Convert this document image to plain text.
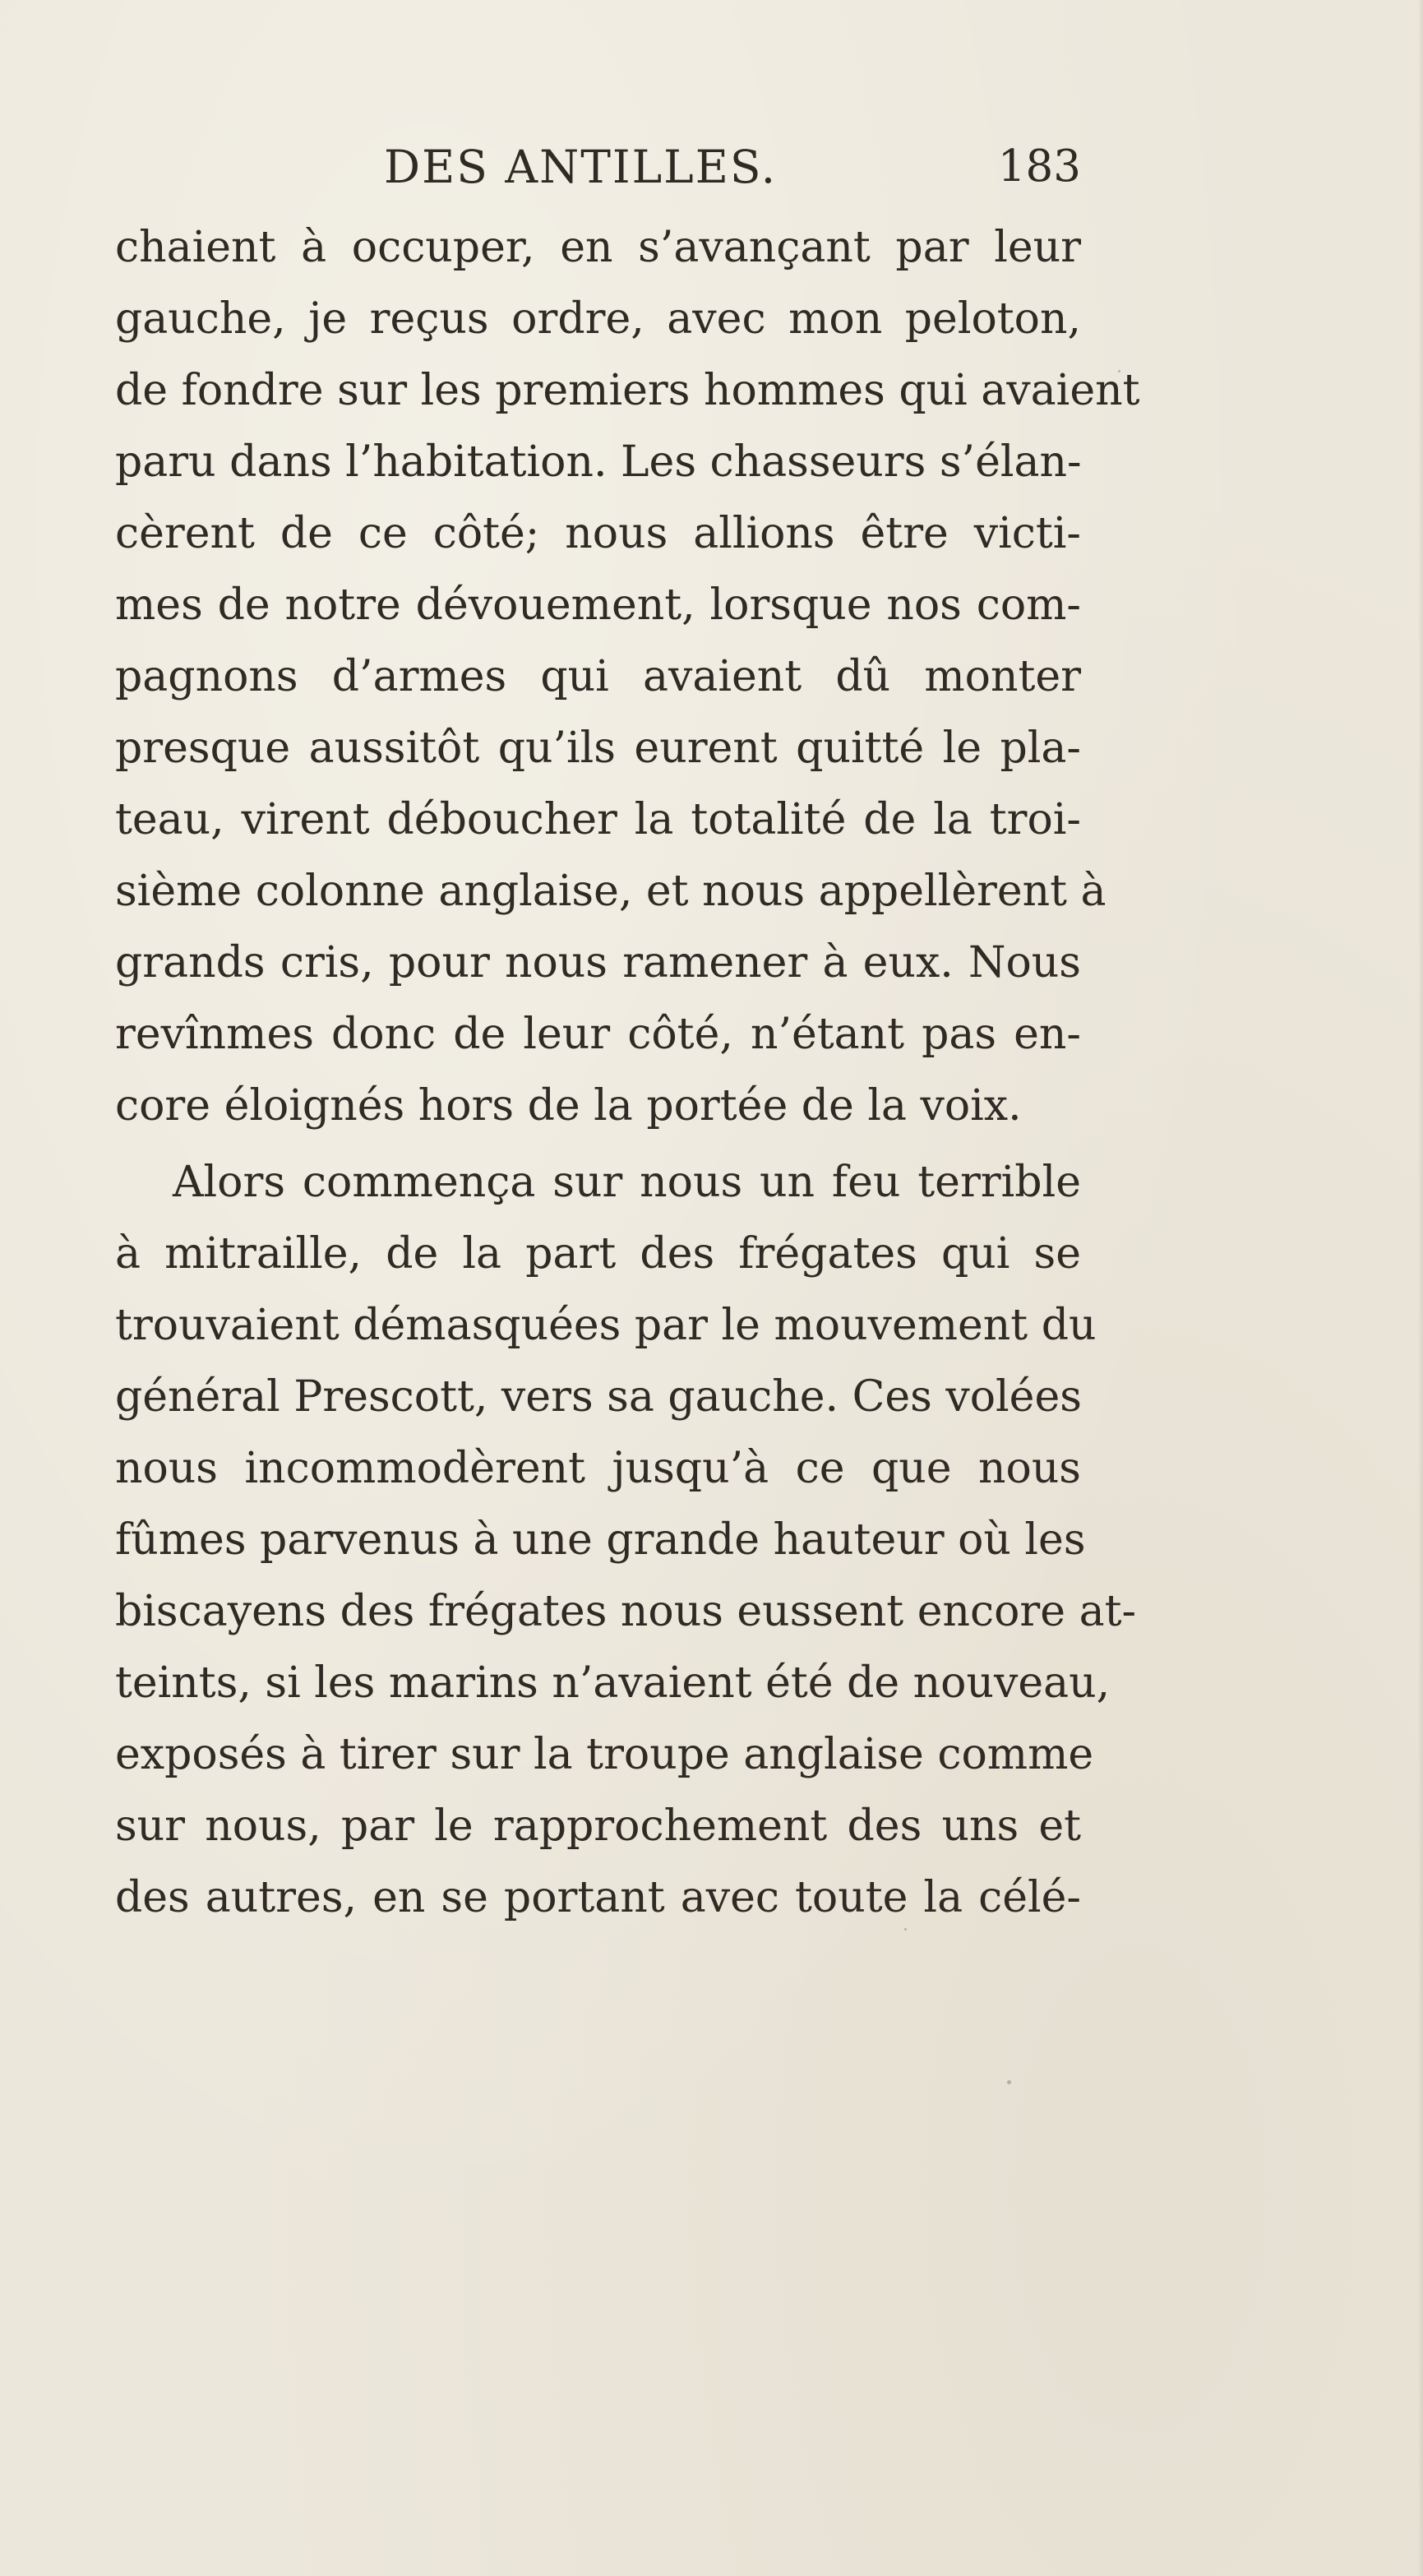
DES ANTILLES.	183
chaient à occuper, en s’avançant par leur
gauche, je reçus ordre, avec mon peloton,
de fondre sur les premiers hommes qui avaient
paru dans l’habitation. Les chasseurs s’élan-
cèrent de ce côté; nous allions être victi-
mes de notre dévouement, lorsque nos com-
pagnons d’armes qui avaient dû monter
presque aussitôt qu’ils eurent quitté le pla-
teau, virent déboucher la totalité de la troi-
sième colonne anglaise, et nous appellèrent à
grands cris, pour nous ramener à eux. Nous
revînmes donc de leur côté, n’étant pas en-
core éloignés hors de la portée de la voix.
Alors commença sur nous un feu terrible
à mitraille, de la part des frégates qui se
trouvaient démasquées par le mouvement du
général Prescott, vers sa gauche. Ces volées
nous incommodèrent jusqu’à ce que nous
fûmes parvenus à une grande hauteur où les
biscayens des frégates nous eussent encore at-
teints, si les marins n’avaient été de nouveau,
exposés à tirer sur la troupe anglaise comme
sur nous, par le rapprochement des uns et
des autres, en se portant avec toute la célé-
